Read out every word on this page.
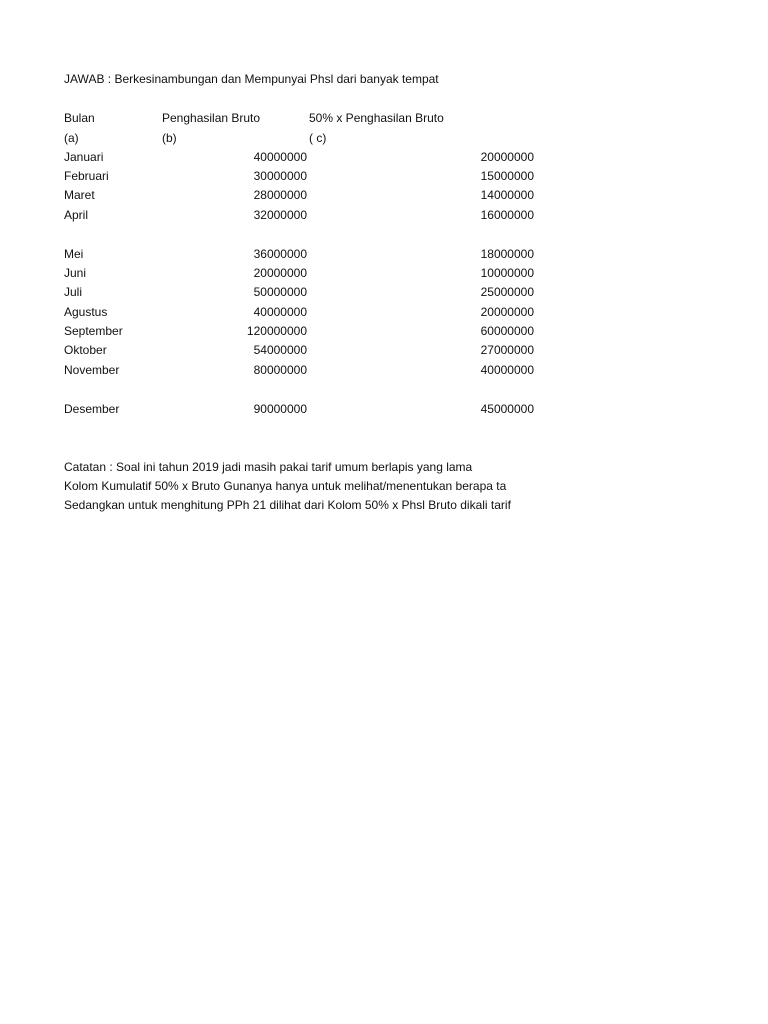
JAWAB : Berkesinambungan dan Mempunyai Phsl dari banyak tempat
Bulan	Penghasilan Bruto	50% x Penghasilan Bruto
(a)	(b)	( c)
Januari	40000000	20000000
Februari	30000000	15000000
Maret	28000000	14000000
April	32000000	16000000
Mei	36000000	18000000
Juni	20000000	10000000
Juli	50000000	25000000
Agustus	40000000	20000000
September	120000000	60000000
Oktober	54000000	27000000
November	80000000	40000000
Desember	90000000	45000000
Catatan : Soal ini tahun 2019 jadi masih pakai tarif umum berlapis yang lama
Kolom Kumulatif 50% x Bruto Gunanya hanya untuk melihat/menentukan berapa ta
Sedangkan untuk menghitung PPh 21 dilihat dari Kolom 50% x Phsl Bruto dikali tarif
